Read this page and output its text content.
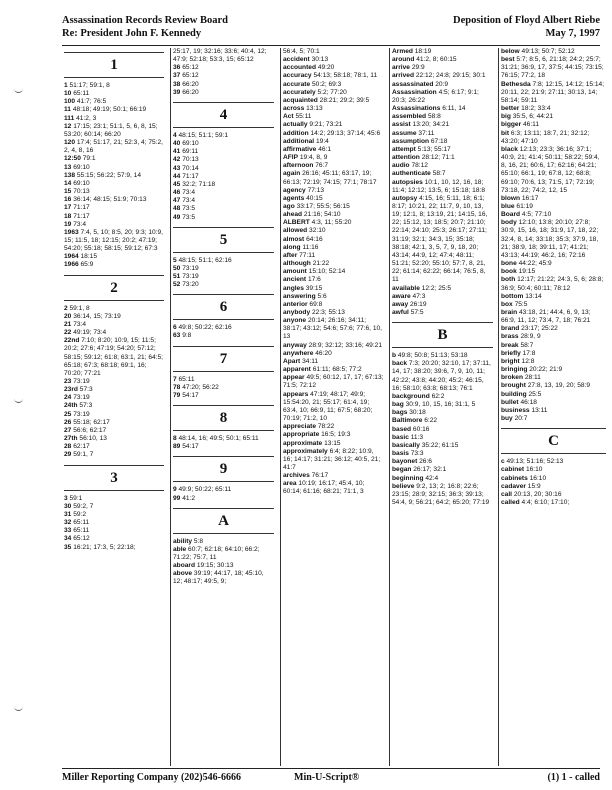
Assassination Records Review Board
Re: President John F. Kennedy
Deposition of Floyd Albert Riebe
May 7, 1997
1
1 51:17; 59:1, 8
10 65:11
100 41:7; 76:5
11 48:18; 49:19; 50:1; 66:19
111 41:2, 3
12 17:15; 23:1; 51:1, 5, 6, 8, 15; 53:20; 60:14; 66:20
120 17:4; 51:17, 21; 52:3, 4; 75:2, 2, 4, 8, 16
12:50 79:1
13 69:10
138 55:15; 56:22; 57:9, 14
14 69:10
15 70:13
16 36:14; 48:15; 51:9; 70:13
17 71:17
18 71:17
19 73:4
1963 7:4, 5, 10; 8:5, 20; 9:3; 10:9, 15; 11:5, 18; 12:15; 20:2; 47:19; 54:20; 55:18; 58:15; 59:12; 67:3
1964 18:15
1966 65:9
2
2 59:1, 8
20 36:14, 15; 73:19
21 73:4
22 49:19; 73:4
22nd 7:10; 8:20; 10:9, 15; 11:5; 20:2; 27:6; 47:19; 54:20; 57:12; 58:15; 59:12; 61:8; 63:1, 21; 64:5; 65:18; 67:3; 68:18; 69:1, 16; 70:20; 77:21
23 73:19
23rd 57:3
24 73:19
24th 57:3
25 73:19
26 55:18; 62:17
27 56:6; 62:17
27th 56:10, 13
28 62:17
29 59:1, 7
3
3 59:1
30 59:2, 7
31 59:2
32 65:11
33 65:11
34 65:12
35 16:21; 17:3, 5; 22:18;
25:17, 19; 32:16; 33:6; 40:4, 12; 47:9; 52:18; 53:3, 15; 65:12
36 65:12
37 65:12
38 66:20
39 66:20
4
4 48:15; 51:1; 59:1
40 69:10
41 69:11
42 70:13
43 70:14
44 71:17
45 32:2; 71:18
46 73:4
47 73:4
48 73:5
49 73:5
5
5 48:15; 51:1; 62:16
50 73:19
51 73:19
52 73:20
6
6 49:8; 50:22; 62:16
63 9:8
7
7 65:11
78 47:20; 56:22
79 54:17
8
8 48:14, 16; 49:5; 50:1; 65:11
89 54:17
9
9 49:9; 50:22; 65:11
99 41:2
A
ability 5:8
able 60:7; 62:18; 64:10; 66:2; 71:22; 75:7, 11
aboard 19:15; 30:13
above 39:19; 44:17, 18; 45:10, 12; 48:17; 49:5, 9;
56:4, 5; 70:1
accident 30:13
accounted 49:20
accuracy 54:13; 58:18; 78:1, 11
accurate 50:2; 69:3
accurately 5:2; 77:20
acquainted 28:21; 29:2; 39:5
across 13:13
Act 55:11
actually 9:21; 73:21
addition 14:2; 29:13; 37:14; 45:6
additional 19:4
affirmative 46:1
AFIP 19:4, 8, 9
afternoon 76:7
again 26:16; 45:11; 63:17, 19; 66:13; 72:19; 74:15; 77:1; 78:17
agency 77:13
agents 40:15
ago 33:17; 55:5; 56:15
ahead 21:16; 54:10
ALBERT 4:3, 11; 55:20
allowed 32:10
almost 64:16
along 11:16
after 77:11
although 21:22
amount 15:10; 52:14
ancient 17:6
angles 39:15
answering 5:6
anterior 69:8
anybody 22:3; 55:13
anyone 20:14; 26:16; 34:11; 38:17; 43:12; 54:6; 57:6; 77:6, 10, 13
anyway 28:9; 32:12; 33:16; 49:21
anywhere 46:20
Apart 34:11
apparent 61:11; 68:5; 77:2
appear 49:5; 60:12, 17, 17; 67:13; 71:5; 72:12
appears 47:19; 48:17; 49:9; 15:54:20, 21; 55:17; 61:4, 19; 63:4, 10; 66:9, 11; 67:5; 68:20; 70:19; 71:2, 10
appreciate 78:22
appropriate 16:5; 19:3
approximate 13:15
approximately 6:4; 8:22; 10:9, 16; 14:17; 31:21; 36:12; 40:5, 21; 41:7
archives 76:17
area 10:19; 16:17; 45:4, 10; 60:14; 61:16; 68:21; 71:1, 3
Armed 18:19
around 41:2, 8; 60:15
arrive 29:9
arrived 22:12; 24:8; 29:15; 30:1
assassinated 20:9
Assassination 4:5; 6:17; 9:1; 20:3; 26:22
Assassinations 6:11, 14
assembled 58:8
assist 13:20; 34:21
assume 37:11
assumption 67:18
attempt 5:13; 55:17
attention 28:12; 71:1
audio 78:12
authenticate 58:7
autopsies 10:1, 10, 12, 16, 18; 11:4; 12:12; 13:5, 6; 15:18; 18:8
autopsy 4:15, 16; 5:11, 18; 6:1; 8:17; 10:21, 22; 11:7, 9, 10, 13, 19; 12:1, 8; 13:19, 21; 14:15, 16, 22; 15:12, 13; 18:5; 20:7; 21:10; 22:14; 24:10; 25:3; 26:17; 27:11; 31:19; 32:1; 34:3, 15; 35:18; 38:18; 42:1, 3, 5, 7, 9, 18, 20; 43:14; 44:9, 12; 47:4; 48:11; 51:21; 52:20; 55:10; 57:7, 8, 21, 22; 61:14; 62:22; 66:14; 76:5, 8, 11
available 12:2; 25:5
aware 47:3
away 26:19
awful 57:5
B
b 49:8; 50:8; 51:13; 53:18
back 7:3; 20:20; 32:10, 17; 37:11, 14, 17; 38:20; 39:6, 7, 9, 10, 11; 42:22; 43:8; 44:20; 45:2; 46:15, 16; 58:10; 63:8; 68:13; 76:1
background 62:2
bag 30:9, 10, 15, 16; 31:1, 5
bags 30:18
Baltimore 6:22
based 60:16
basic 11:3
basically 35:22; 61:15
basis 73:3
bayonet 26:6
began 26:17; 32:1
beginning 42:4
believe 9:2, 13; 2; 16:8; 22:6; 23:15; 28:9; 32:15; 36:3; 39:13; 54:4, 9; 56:21; 64:2; 65:20; 77:19
below 49:13; 50:7; 52:12
best 5:7; 8:5, 6, 21:18; 24:2; 25:7; 31:21; 36:9, 17, 37:5; 44:15; 73:15; 76:15; 77:2, 18
Bethesda 7:8; 12:15, 14:12; 15:14; 20:11, 22; 21:9; 27:11; 30:13, 14; 58:14; 59:11
better 18:2; 33:4
big 35:5, 6; 44:21
bigger 46:11
bit 6:3; 13:11; 18:7, 21; 32:12; 43:20; 47:10
black 12:13; 23:3; 36:16; 37:1; 40:9, 21; 41:4; 50:11; 58:22; 59:4, 8, 16, 21; 60:6, 17; 62:16; 64:21; 65:10; 66:1, 19; 67:8, 12; 68:8; 69:10; 70:6, 13; 71:5, 17; 72:19; 73:18, 22; 74:2, 12, 15
blown 16:17
blue 61:19
Board 4:5; 77:10
body 12:10; 13:8; 20:10; 27:8; 30:9, 15, 16, 18; 31:9, 17, 18, 22; 32:4, 8, 14; 33:18; 35:3; 37:9, 18, 21; 38:9, 18; 39:11, 17; 41:21; 43:13; 44:19; 46:2, 16; 72:16
bone 44:22; 45:9
book 19:15
both 12:17; 21:22; 24:3, 5, 6; 28:8; 36:9; 50:4; 60:11; 78:12
bottom 13:14
box 75:5
brain 43:18, 21; 44:4, 6, 9, 13; 66:9, 11, 12; 73:4, 7, 18; 76:21
brand 23:17; 25:22
brass 28:9, 9
break 58:7
briefly 17:8
bright 12:8
bringing 20:22; 21:9
broken 28:11
brought 27:8, 13, 19, 20; 58:9
building 25:5
bullet 46:18
business 13:11
buy 20:7
C
c 49:13; 51:16; 52:13
cabinet 16:10
cabinets 16:10
cadaver 15:9
call 20:13, 20; 30:16
called 4:4; 6:10; 17:10;
Miller Reporting Company (202)546-6666	Min-U-Script®	(1) 1 - called
